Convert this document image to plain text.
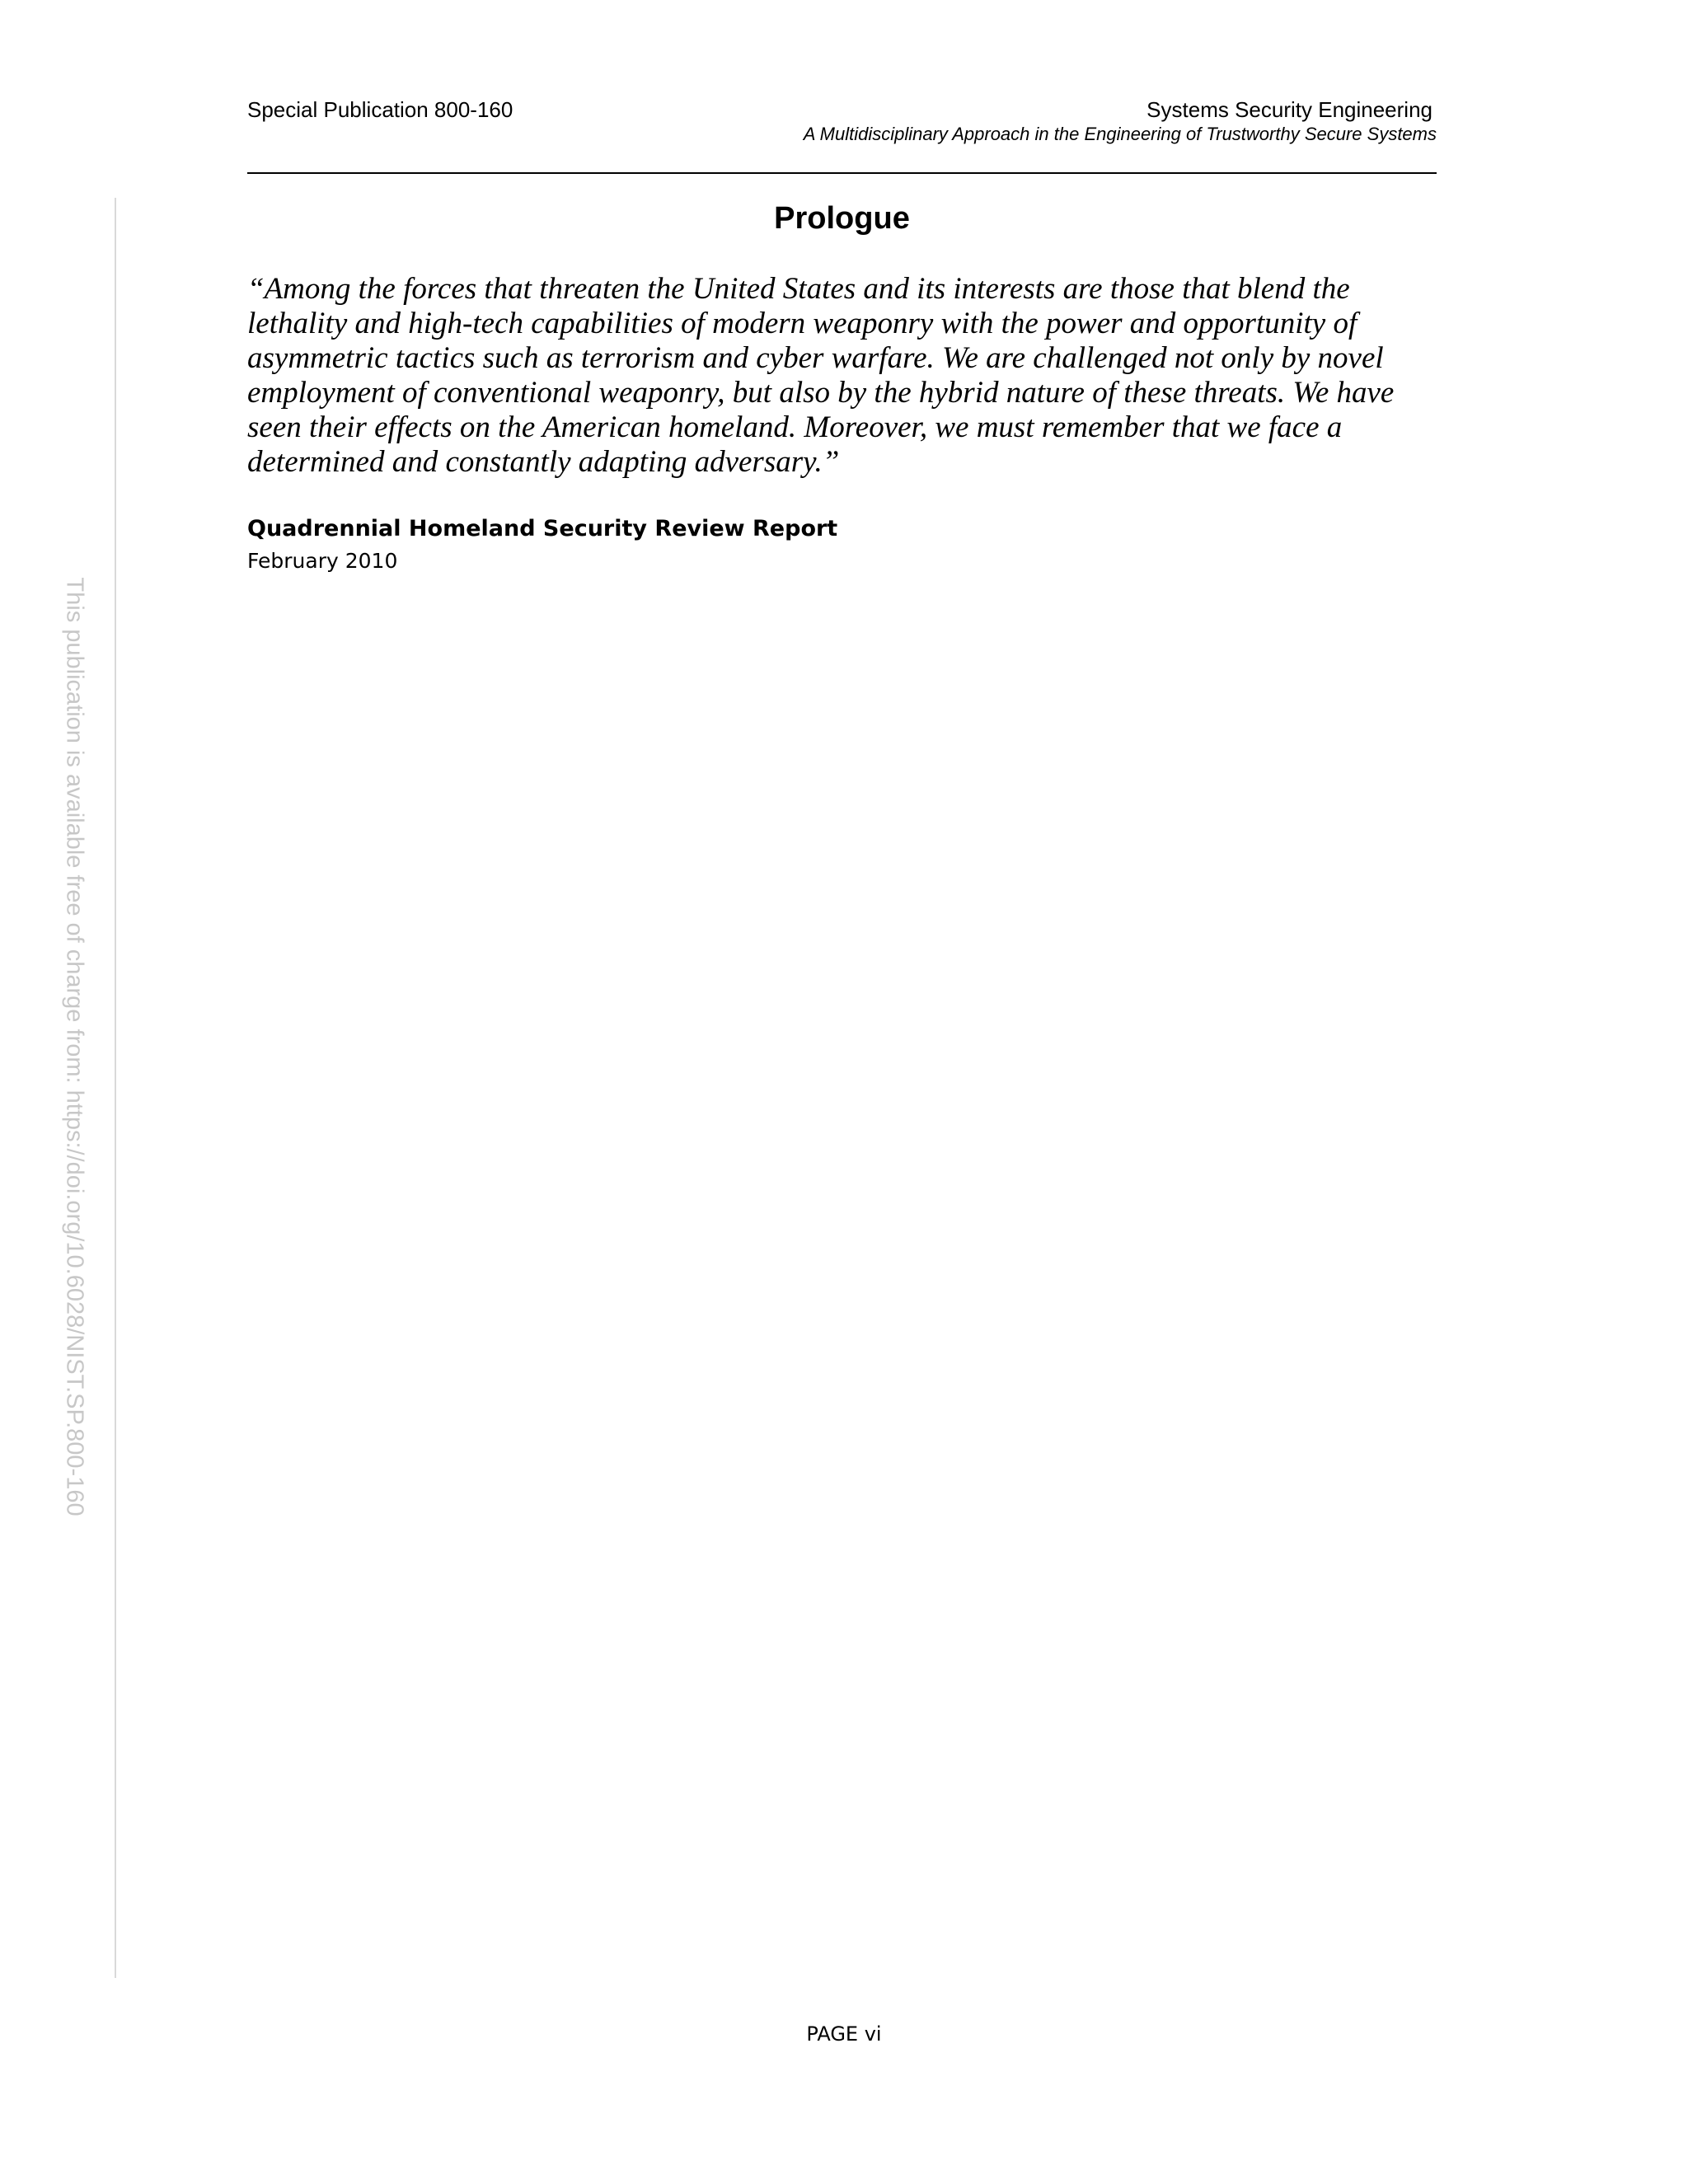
Special Publication 800-160	Systems Security Engineering
A Multidisciplinary Approach in the Engineering of Trustworthy Secure Systems
This publication is available free of charge from: https://doi.org/10.6028/NIST.SP.800-160
Prologue

“Among the forces that threaten the United States and its interests are those that blend the
lethality and high-tech capabilities of modern weaponry with the power and opportunity of
asymmetric tactics such as terrorism and cyber warfare. We are challenged not only by novel
employment of conventional weaponry, but also by the hybrid nature of these threats. We have
seen their effects on the American homeland. Moreover, we must remember that we face a
determined and constantly adapting adversary.”

Quadrennial Homeland Security Review Report
February 2010
PAGE vi
